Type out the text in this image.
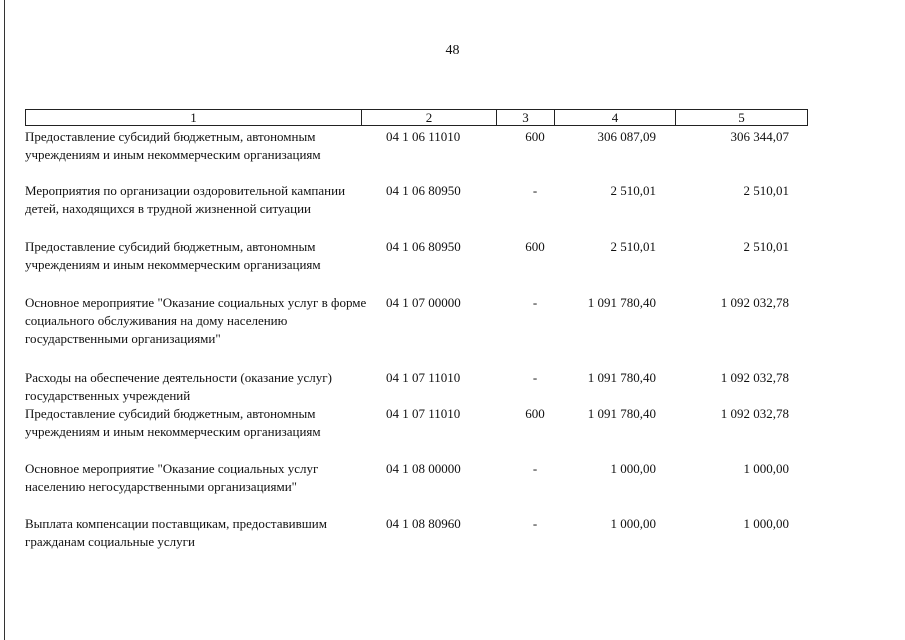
48
1	2	3	4	5
Предоставление субсидий бюджетным, автономным учреждениям и иным некоммерческим организациям
04 1 06 11010	600	306 087,09	306 344,07
Мероприятия по организации оздоровительной кампании детей, находящихся в трудной жизненной ситуации
04 1 06 80950	-	2 510,01	2 510,01
Предоставление субсидий бюджетным, автономным учреждениям и иным некоммерческим организациям
04 1 06 80950	600	2 510,01	2 510,01
Основное мероприятие "Оказание социальных услуг в форме социального обслуживания на дому населению государственными организациями"
04 1 07 00000	-	1 091 780,40	1 092 032,78
Расходы на обеспечение деятельности (оказание услуг) государственных учреждений
04 1 07 11010	-	1 091 780,40	1 092 032,78
Предоставление субсидий бюджетным, автономным учреждениям и иным некоммерческим организациям
04 1 07 11010	600	1 091 780,40	1 092 032,78
Основное мероприятие "Оказание социальных услуг населению негосударственными организациями"
04 1 08 00000	-	1 000,00	1 000,00
Выплата компенсации поставщикам, предоставившим гражданам социальные услуги
04 1 08 80960	-	1 000,00	1 000,00
